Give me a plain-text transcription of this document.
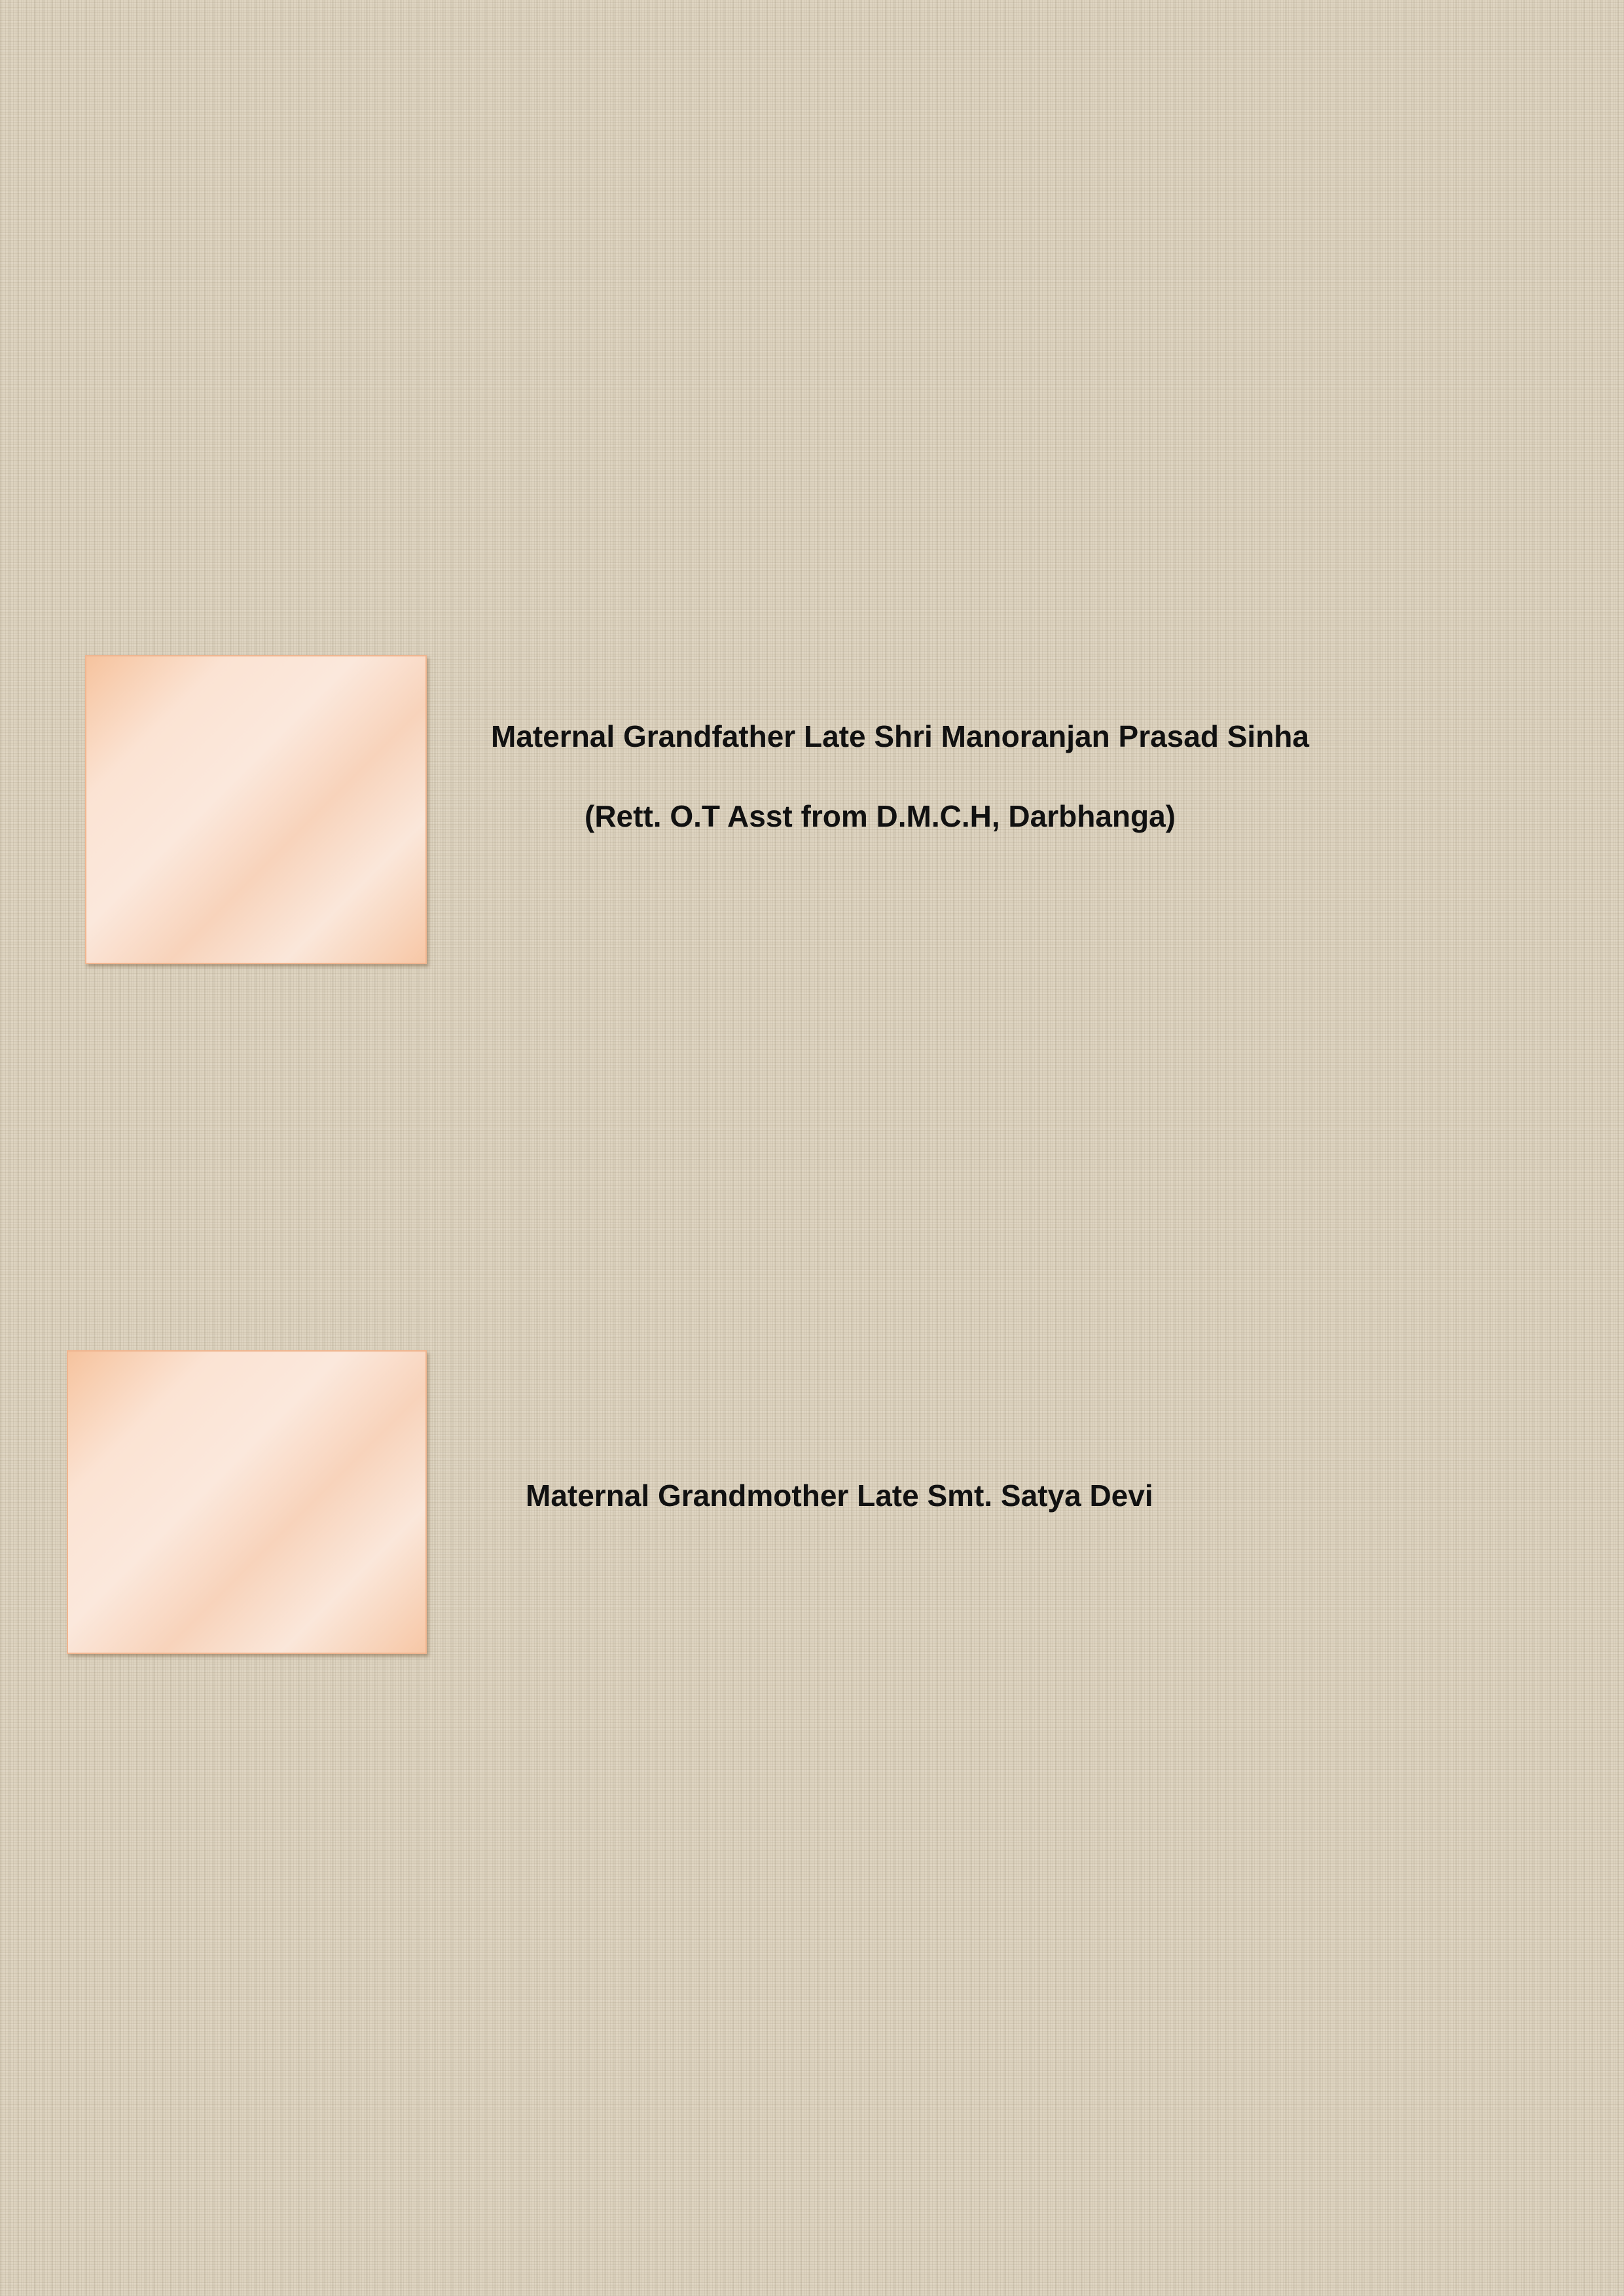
Maternal Grandfather Late Shri Manoranjan Prasad Sinha

(Rett. O.T Asst from D.M.C.H, Darbhanga)

Maternal Grandmother Late Smt. Satya Devi
